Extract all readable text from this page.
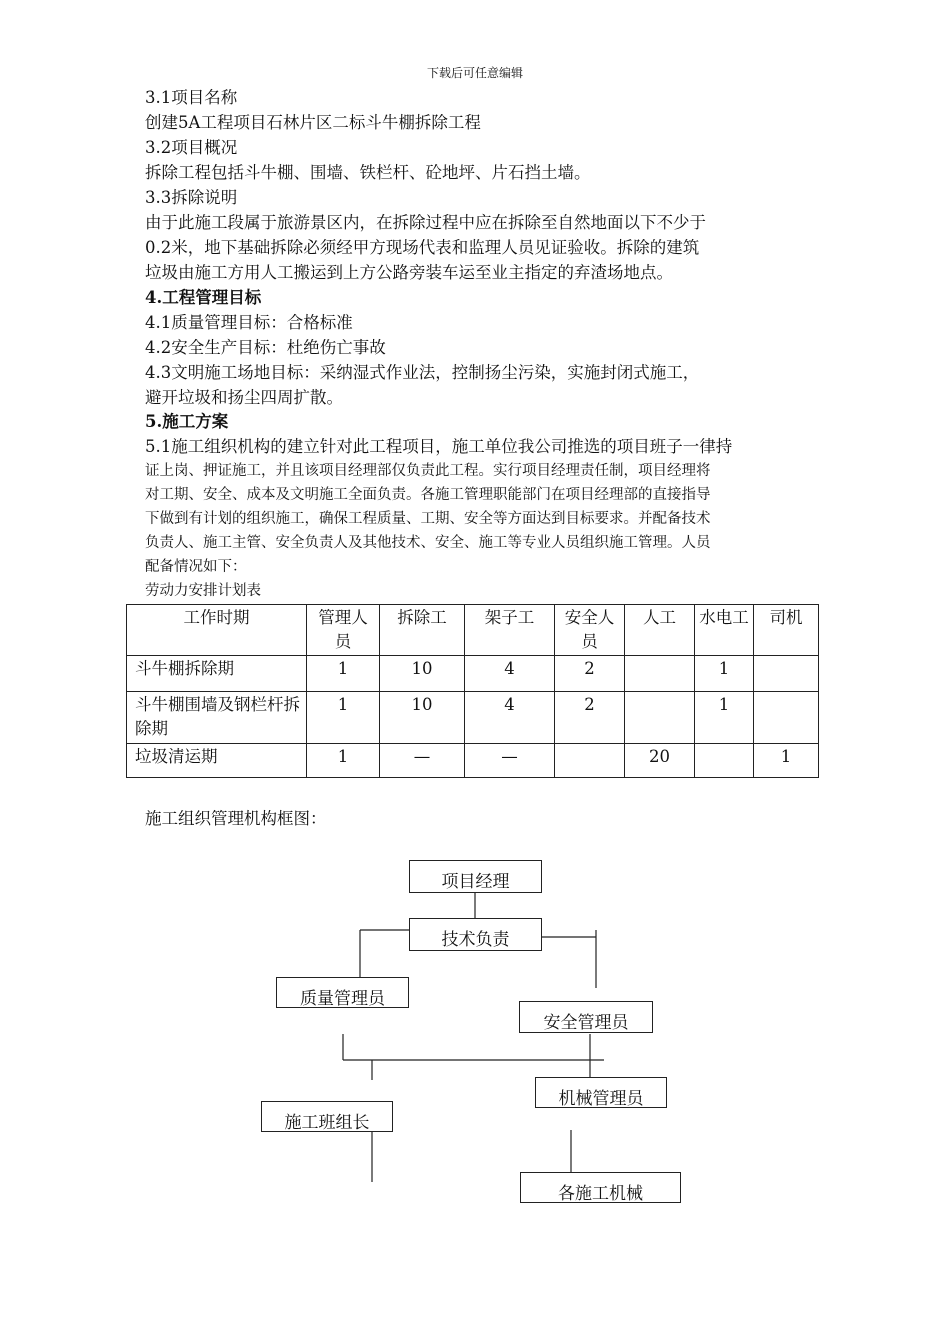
下载后可任意编辑
3.1项目名称
创建5A工程项目石林片区二标斗牛棚拆除工程
3.2项目概况
拆除工程包括斗牛棚、围墙、铁栏杆、砼地坪、片石挡土墙。
3.3拆除说明
由于此施工段属于旅游景区内，在拆除过程中应在拆除至自然地面以下不少于
0.2米，地下基础拆除必须经甲方现场代表和监理人员见证验收。拆除的建筑
垃圾由施工方用人工搬运到上方公路旁装车运至业主指定的弃渣场地点。
4.工程管理目标
4.1质量管理目标：合格标准
4.2安全生产目标：杜绝伤亡事故
4.3文明施工场地目标：采纳湿式作业法，控制扬尘污染，实施封闭式施工，
避开垃圾和扬尘四周扩散。
5.施工方案
5.1施工组织机构的建立针对此工程项目，施工单位我公司推选的项目班子一律持
证上岗、押证施工，并且该项目经理部仅负责此工程。实行项目经理责任制，项目经理将
对工期、安全、成本及文明施工全面负责。各施工管理职能部门在项目经理部的直接指导
下做到有计划的组织施工，确保工程质量、工期、安全等方面达到目标要求。并配备技术
负责人、施工主管、安全负责人及其他技术、安全、施工等专业人员组织施工管理。人员
配备情况如下：
劳动力安排计划表
工作时期	管理人员	拆除工	架子工	安全人员	人工	水电工	司机
斗牛棚拆除期	1	10	4	2		1	
斗牛棚围墙及钢栏杆拆除期	1	10	4	2		1	
垃圾清运期	1	—	—		20		1
施工组织管理机构框图：
项目经理
技术负责
质量管理员
安全管理员
机械管理员
施工班组长
各施工机械
